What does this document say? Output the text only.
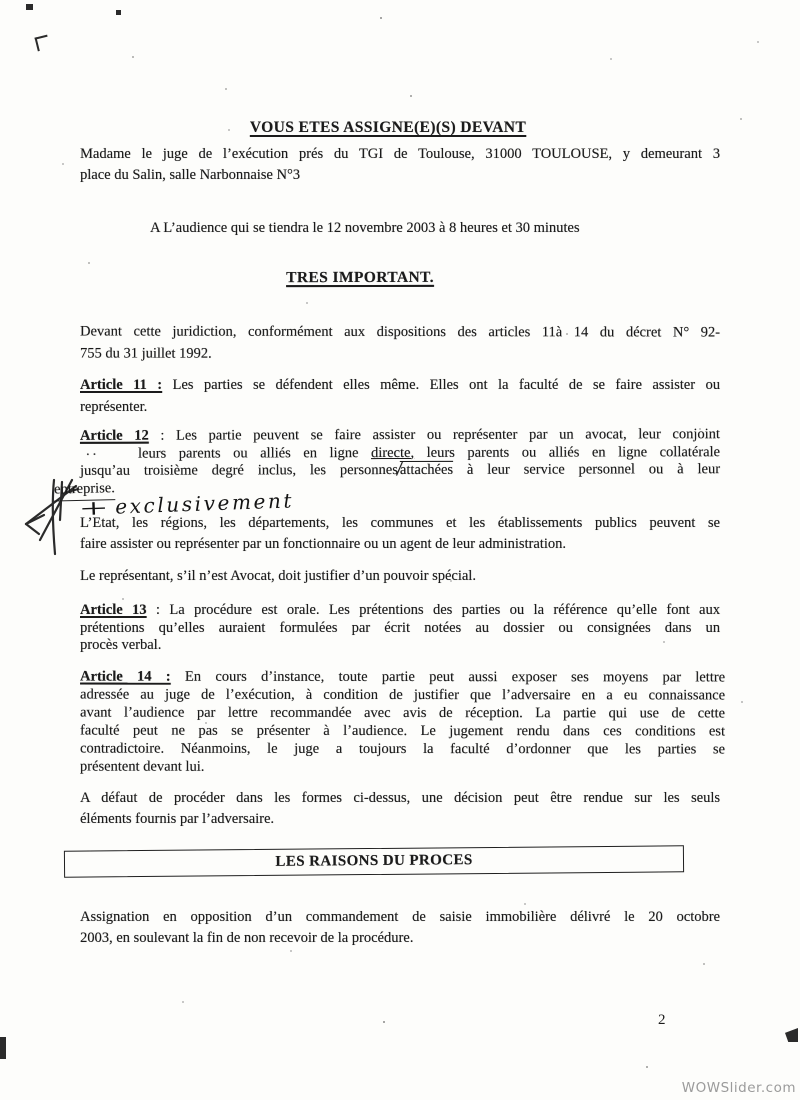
VOUS ETES ASSIGNE(E)(S) DEVANT
Madame le juge de l’exécution prés du TGI de Toulouse, 31000 TOULOUSE, y demeurant 3
place du Salin, salle Narbonnaise N°3
A L’audience qui se tiendra le 12 novembre 2003 à 8 heures et 30 minutes
TRES IMPORTANT.
Devant cette juridiction, conformément aux dispositions des articles 11à 14 du décret N° 92-
755 du 31 juillet 1992.
Article 11 : Les parties se défendent elles même. Elles ont la faculté de se faire assister ou
représenter.
Article 12 : Les partie peuvent se faire assister ou représenter par un avocat, leur conjoint
..	leurs parents ou alliés en ligne directe, leurs parents ou alliés en ligne collatérale
jusqu’au troisième degré inclus, les personnes/attachées à leur service personnel ou à leur
entreprise.
+ exclusivement
L’Etat, les régions, les départements, les communes et les établissements publics peuvent se
faire assister ou représenter par un fonctionnaire ou un agent de leur administration.
Le représentant, s’il n’est Avocat, doit justifier d’un pouvoir spécial.
Article 13 : La procédure est orale. Les prétentions des parties ou la référence qu’elle font aux
prétentions qu’elles auraient formulées par écrit notées au dossier ou consignées dans un
procès verbal.
Article 14 : En cours d’instance, toute partie peut aussi exposer ses moyens par lettre
adressée au juge de l’exécution, à condition de justifier que l’adversaire en a eu connaissance
avant l’audience par lettre recommandée avec avis de réception. La partie qui use de cette
faculté peut ne pas se présenter à l’audience. Le jugement rendu dans ces conditions est
contradictoire. Néanmoins, le juge a toujours la faculté d’ordonner que les parties se
présentent devant lui.
A défaut de procéder dans les formes ci-dessus, une décision peut être rendue sur les seuls
éléments fournis par l’adversaire.
LES RAISONS DU PROCES
Assignation en opposition d’un commandement de saisie immobilière délivré le 20 octobre
2003, en soulevant la fin de non recevoir de la procédure.
2
WOWSlider.com
